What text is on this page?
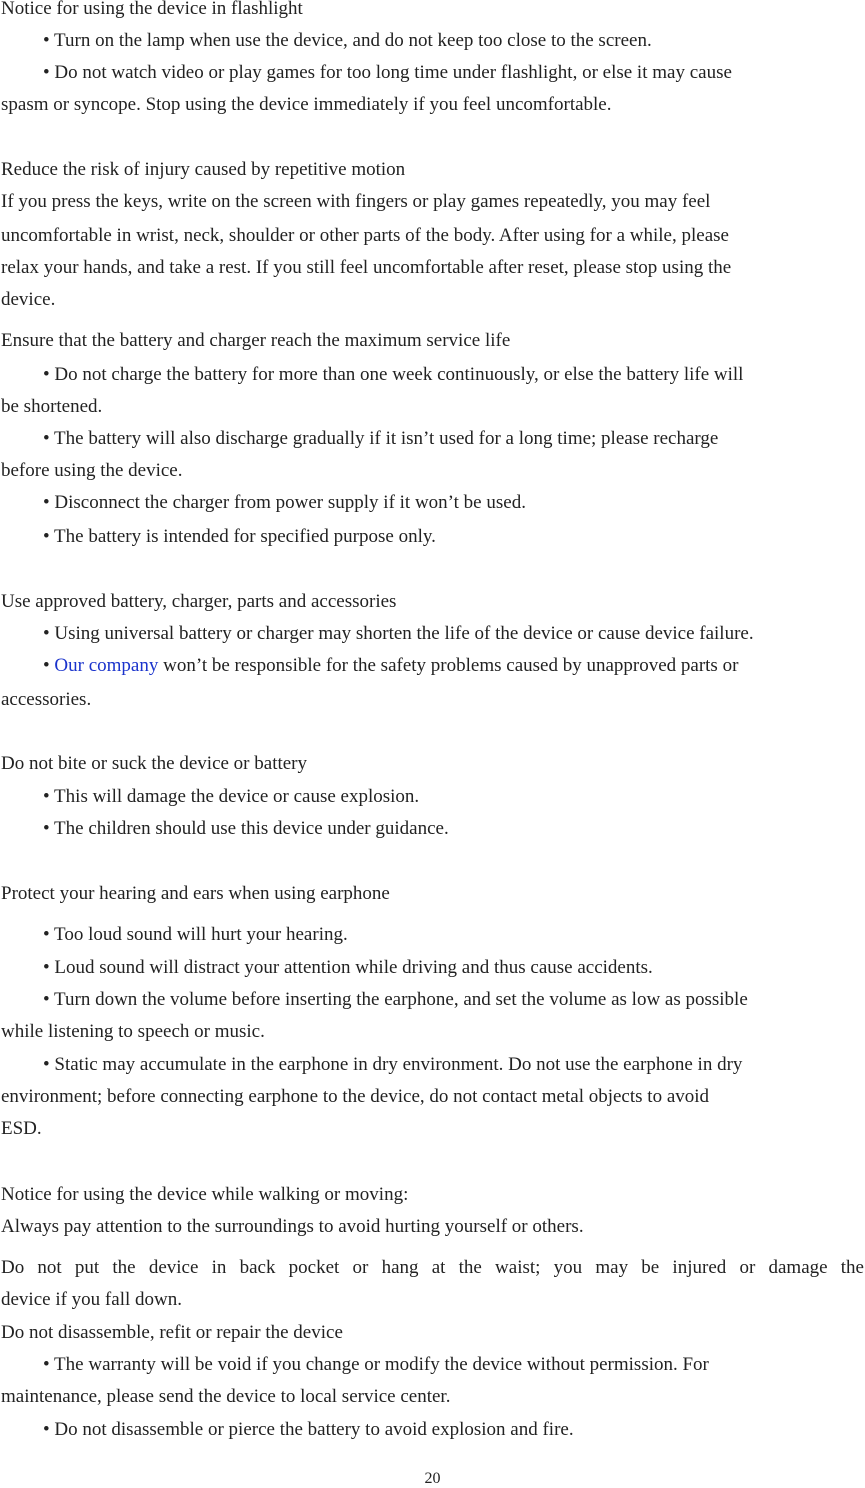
Notice for using the device in flashlight
• Turn on the lamp when use the device, and do not keep too close to the screen.
• Do not watch video or play games for too long time under flashlight, or else it may cause
spasm or syncope. Stop using the device immediately if you feel uncomfortable.
Reduce the risk of injury caused by repetitive motion
If you press the keys, write on the screen with fingers or play games repeatedly, you may feel
uncomfortable in wrist, neck, shoulder or other parts of the body. After using for a while, please
relax your hands, and take a rest. If you still feel uncomfortable after reset, please stop using the
device.
Ensure that the battery and charger reach the maximum service life
• Do not charge the battery for more than one week continuously, or else the battery life will
be shortened.
• The battery will also discharge gradually if it isn’t used for a long time; please recharge
before using the device.
• Disconnect the charger from power supply if it won’t be used.
• The battery is intended for specified purpose only.
Use approved battery, charger, parts and accessories
• Using universal battery or charger may shorten the life of the device or cause device failure.
• Our company won’t be responsible for the safety problems caused by unapproved parts or
accessories.
Do not bite or suck the device or battery
• This will damage the device or cause explosion.
• The children should use this device under guidance.
Protect your hearing and ears when using earphone
• Too loud sound will hurt your hearing.
• Loud sound will distract your attention while driving and thus cause accidents.
• Turn down the volume before inserting the earphone, and set the volume as low as possible
while listening to speech or music.
• Static may accumulate in the earphone in dry environment. Do not use the earphone in dry
environment; before connecting earphone to the device, do not contact metal objects to avoid
ESD.
Notice for using the device while walking or moving:
Always pay attention to the surroundings to avoid hurting yourself or others.
Do not put the device in back pocket or hang at the waist; you may be injured or damage the
device if you fall down.
Do not disassemble, refit or repair the device
• The warranty will be void if you change or modify the device without permission. For
maintenance, please send the device to local service center.
• Do not disassemble or pierce the battery to avoid explosion and fire.
20
